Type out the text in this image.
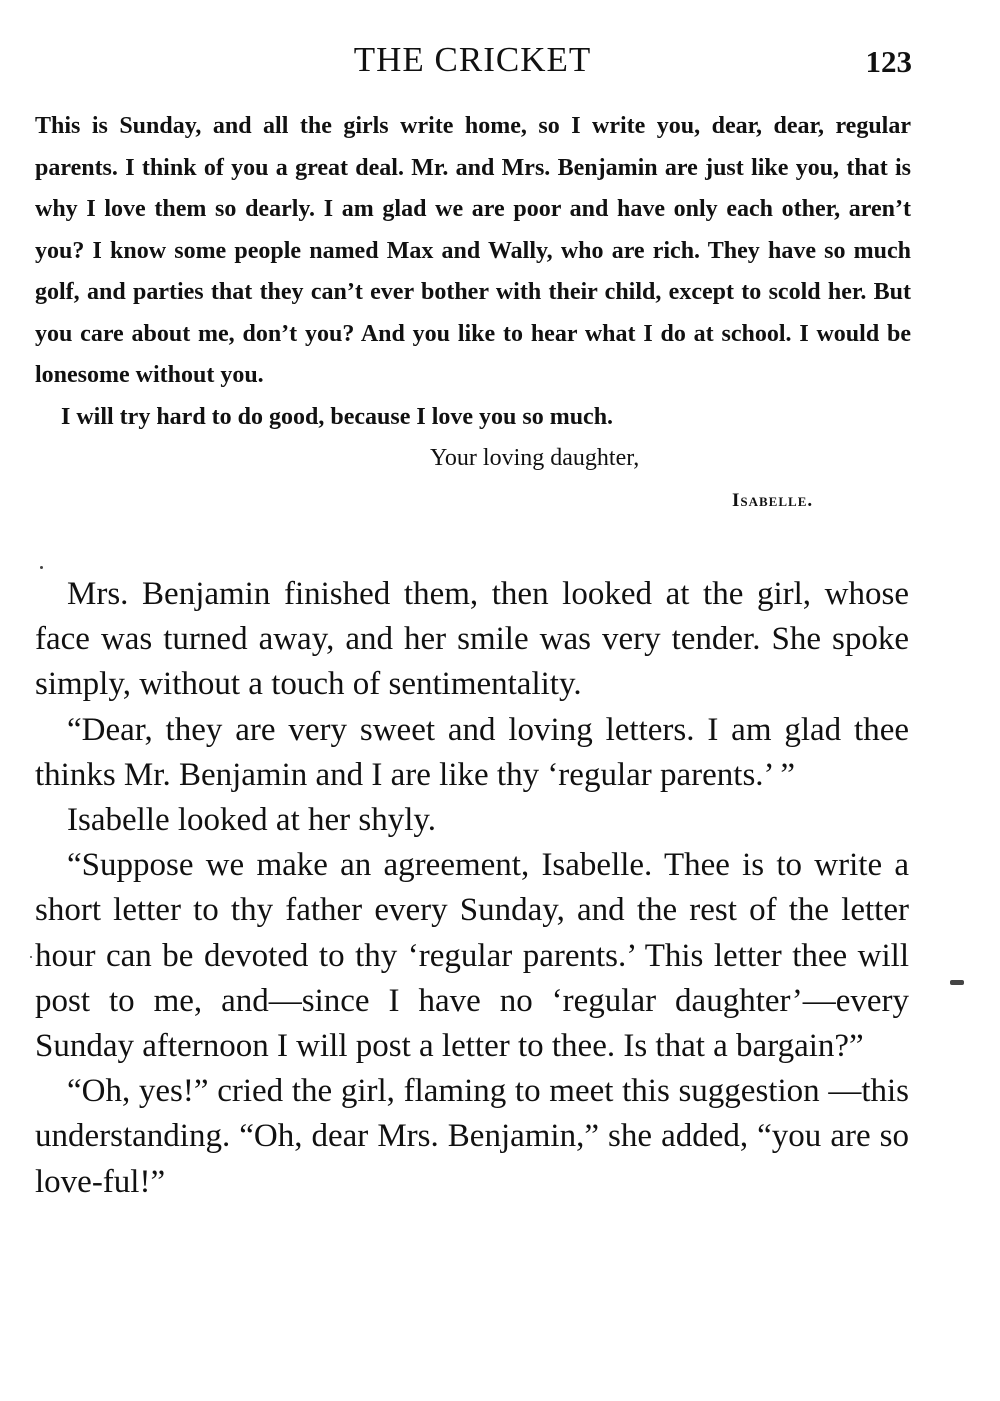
THE CRICKET	123

This is Sunday, and all the girls write home, so I write you, dear, dear, regular parents. I think of you a great deal. Mr. and Mrs. Benjamin are just like you, that is why I love them so dearly. I am glad we are poor and have only each other, aren’t you? I know some people named Max and Wally, who are rich. They have so much golf, and parties that they can’t ever bother with their child, except to scold her. But you care about me, don’t you? And you like to hear what I do at school. I would be lonesome without you.

I will try hard to do good, because I love you so much.

Your loving daughter,

Isabelle.

Mrs. Benjamin finished them, then looked at the girl, whose face was turned away, and her smile was very tender. She spoke simply, without a touch of sentimentality.

“Dear, they are very sweet and loving letters. I am glad thee thinks Mr. Benjamin and I are like thy ‘regular parents.’ ”

Isabelle looked at her shyly.

“Suppose we make an agreement, Isabelle. Thee is to write a short letter to thy father every Sunday, and the rest of the letter hour can be devoted to thy ‘regular parents.’ This letter thee will post to me, and—since I have no ‘regular daughter’—every Sunday afternoon I will post a letter to thee. Is that a bargain?”

“Oh, yes!” cried the girl, flaming to meet this suggestion —this understanding. “Oh, dear Mrs. Benjamin,” she added, “you are so love-ful!”
